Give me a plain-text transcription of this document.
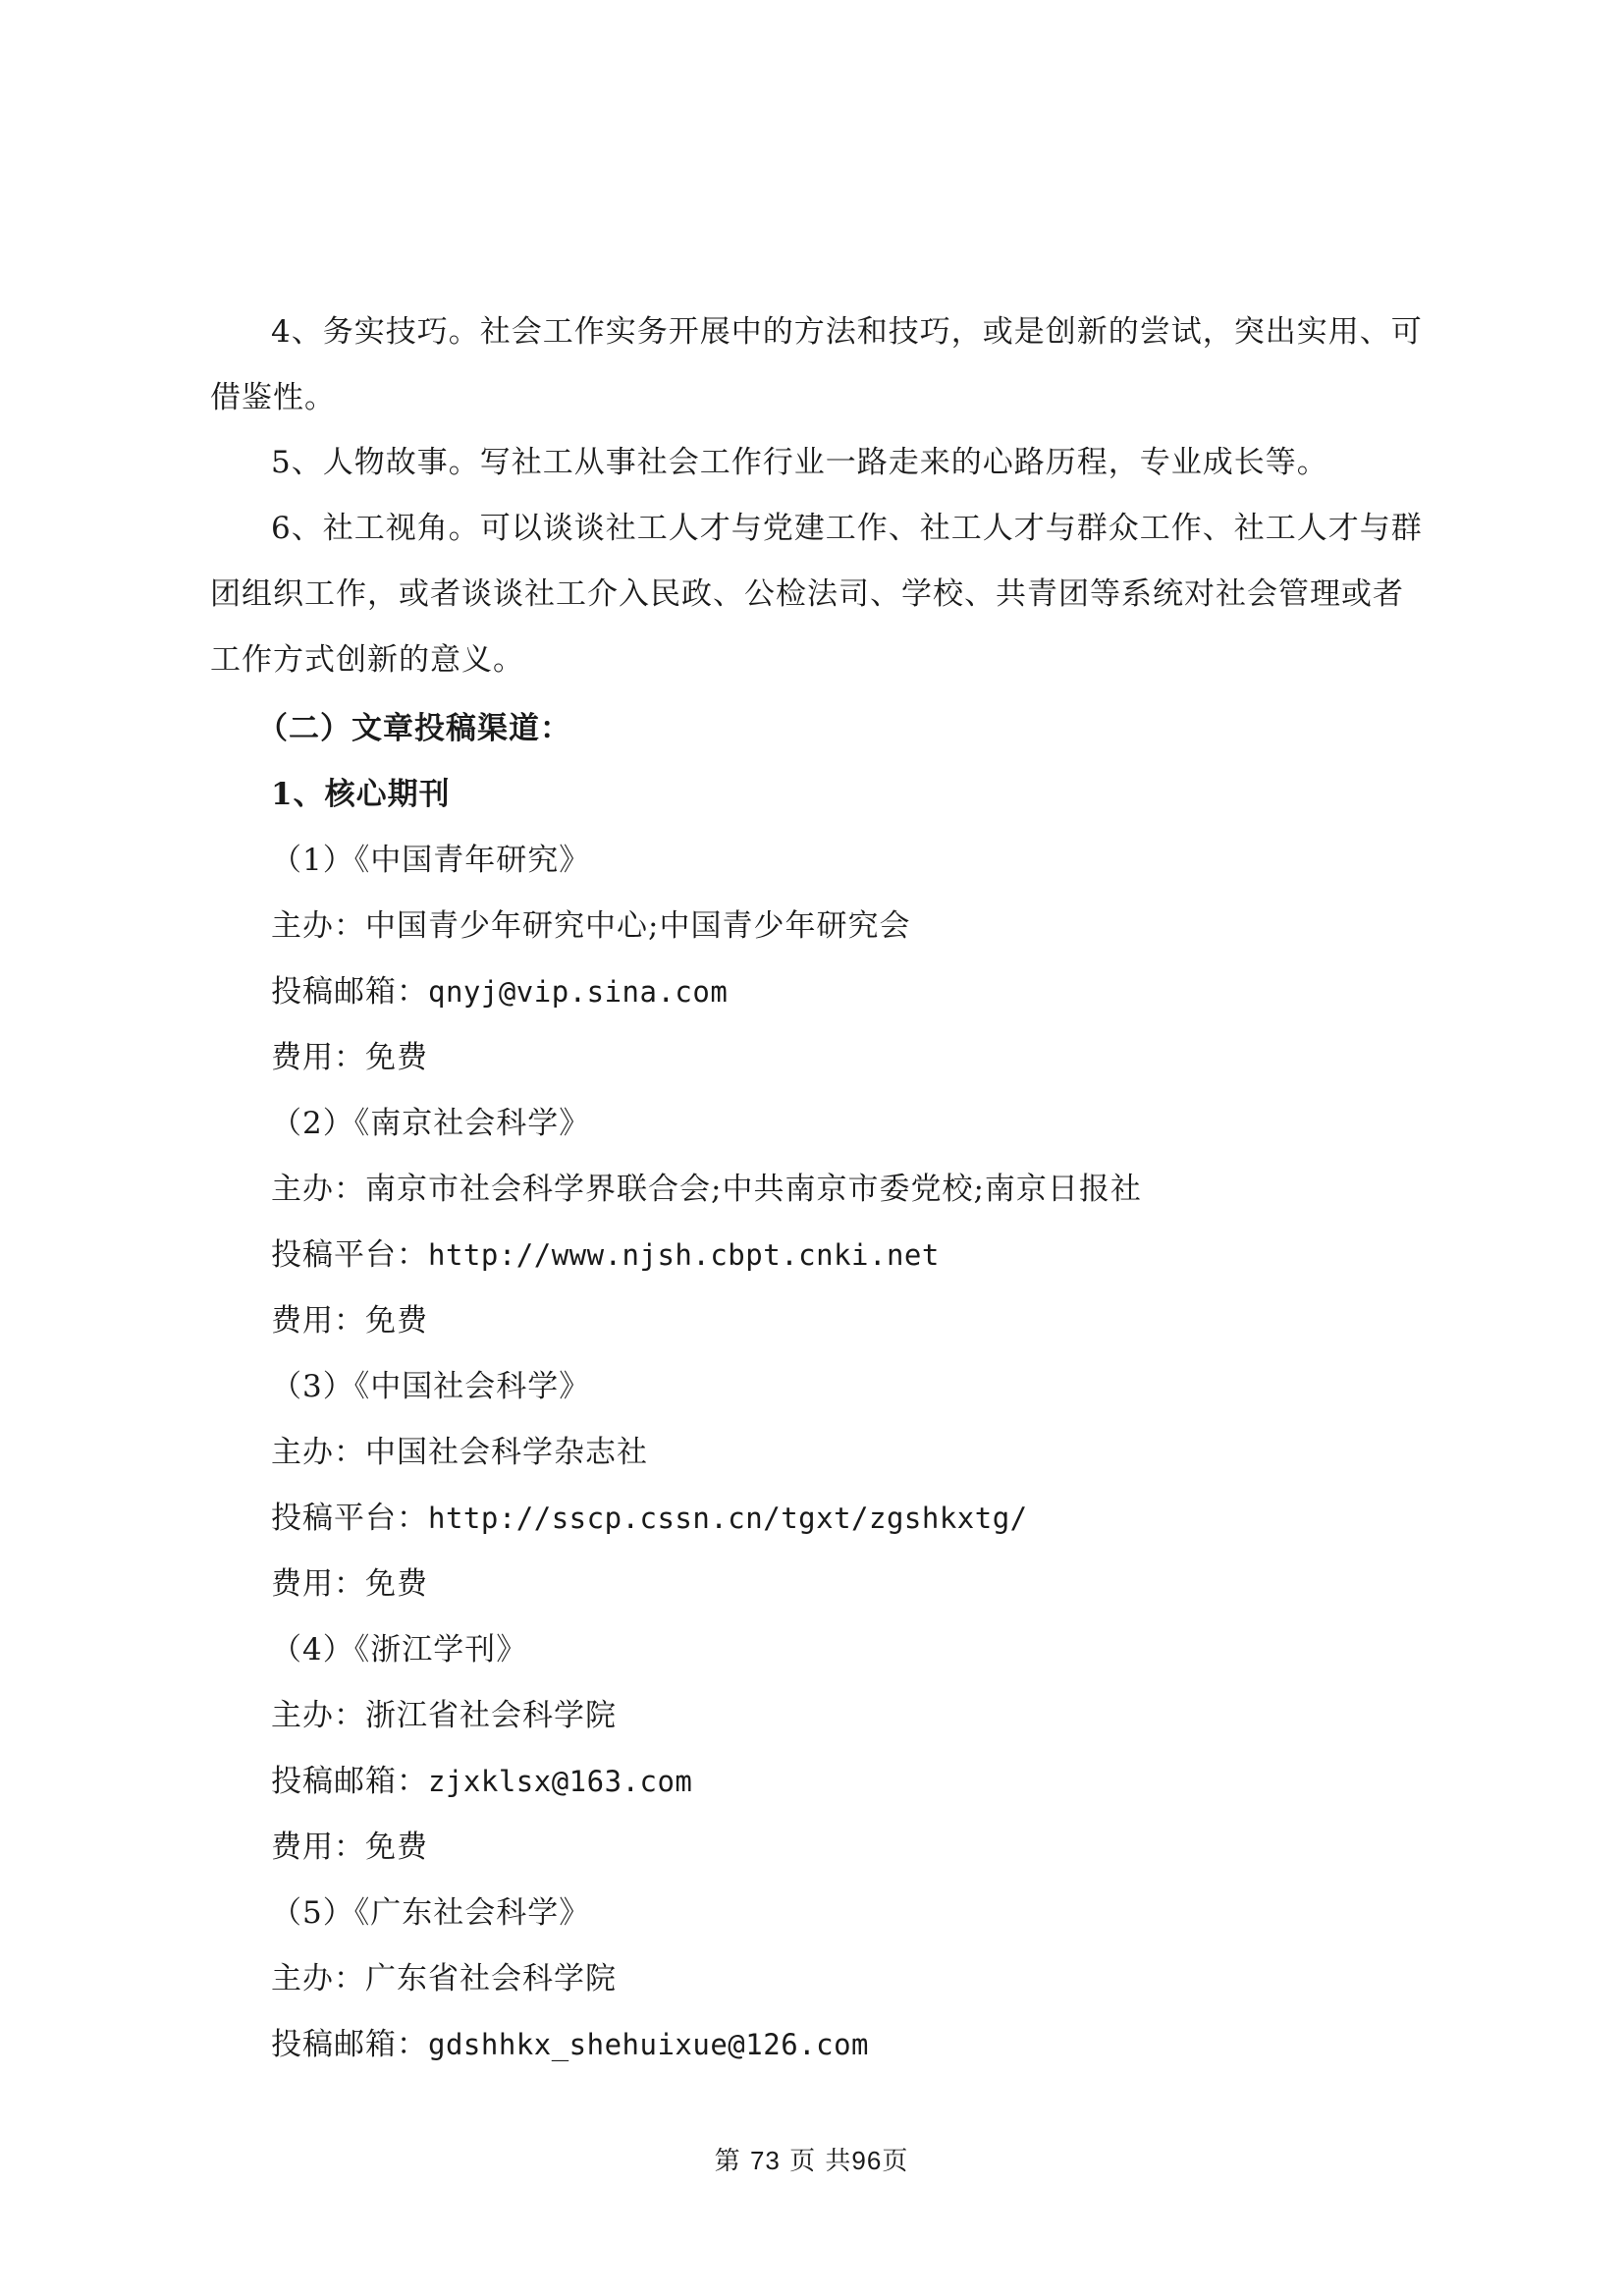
4、务实技巧。社会工作实务开展中的方法和技巧，或是创新的尝试，突出实用、可借鉴性。

5、人物故事。写社工从事社会工作行业一路走来的心路历程，专业成长等。

6、社工视角。可以谈谈社工人才与党建工作、社工人才与群众工作、社工人才与群团组织工作，或者谈谈社工介入民政、公检法司、学校、共青团等系统对社会管理或者工作方式创新的意义。

（二）文章投稿渠道：
1、核心期刊
（1）《中国青年研究》
主办：中国青少年研究中心;中国青少年研究会
投稿邮箱：qnyj@vip.sina.com
费用：免费
（2）《南京社会科学》
主办：南京市社会科学界联合会;中共南京市委党校;南京日报社
投稿平台：http://www.njsh.cbpt.cnki.net
费用：免费
（3）《中国社会科学》
主办：中国社会科学杂志社
投稿平台：http://sscp.cssn.cn/tgxt/zgshkxtg/
费用：免费
（4）《浙江学刊》
主办：浙江省社会科学院
投稿邮箱：zjxklsx@163.com
费用：免费
（5）《广东社会科学》
主办：广东省社会科学院
投稿邮箱：gdshhkx_shehuixue@126.com
第 73 页 共96页
